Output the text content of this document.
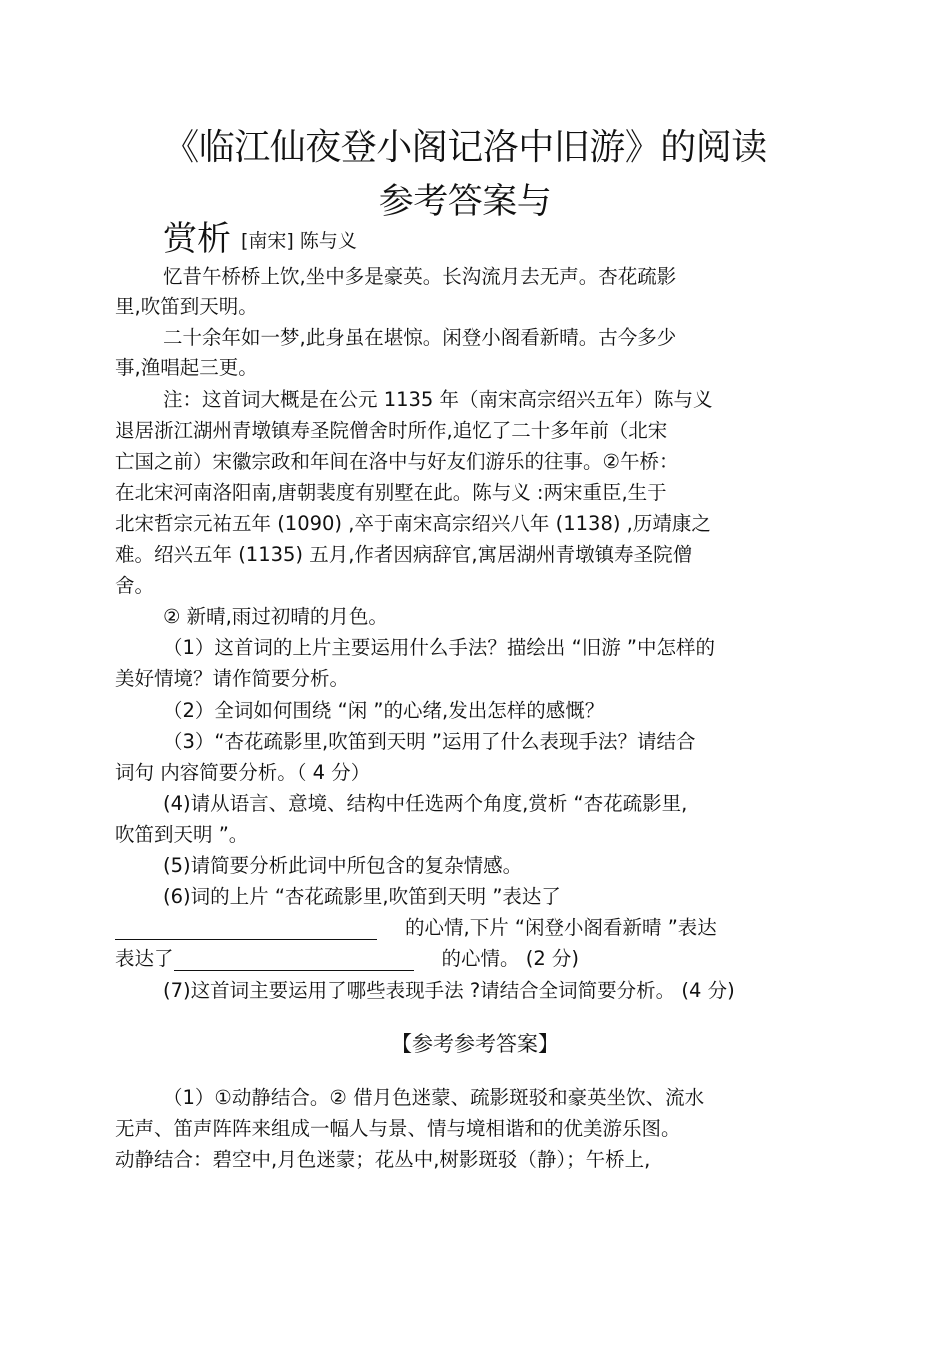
《临江仙夜登小阁记洛中旧游》的阅读
参考答案与
赏析 [南宋] 陈与义
忆昔午桥桥上饮,坐中多是豪英。长沟流月去无声。杏花疏影
里,吹笛到天明。
二十余年如一梦,此身虽在堪惊。闲登小阁看新晴。古今多少
事,渔唱起三更。
注：这首词大概是在公元 1135 年（南宋高宗绍兴五年）陈与义
退居浙江湖州青墩镇寿圣院僧舍时所作,追忆了二十多年前（北宋
亡国之前）宋徽宗政和年间在洛中与好友们游乐的往事。②午桥：
在北宋河南洛阳南,唐朝裴度有别墅在此。陈与义 :两宋重臣,生于
北宋哲宗元祐五年 (1090) ,卒于南宋高宗绍兴八年 (1138) ,历靖康之
难。绍兴五年 (1135) 五月,作者因病辞官,寓居湖州青墩镇寿圣院僧
舍。
② 新晴,雨过初晴的月色。
（1）这首词的上片主要运用什么手法？描绘出 “旧游 ”中怎样的
美好情境？请作简要分析。
（2）全词如何围绕 “闲 ”的心绪,发出怎样的感慨？
（3）“杏花疏影里,吹笛到天明 ”运用了什么表现手法？请结合
词句 内容简要分析。（ 4 分）
(4)请从语言、意境、结构中任选两个角度,赏析 “杏花疏影里,
吹笛到天明 ”。
(5)请简要分析此词中所包含的复杂情感。
(6)词的上片 “杏花疏影里,吹笛到天明 ”表达了
的心情,下片 “闲登小阁看新晴 ”表达
表达了	的心情。 (2 分)
(7)这首词主要运用了哪些表现手法 ?请结合全词简要分析。 (4 分)
【参考参考答案】
（1）①动静结合。② 借月色迷蒙、疏影斑驳和豪英坐饮、流水
无声、笛声阵阵来组成一幅人与景、情与境相谐和的优美游乐图。
动静结合：碧空中,月色迷蒙；花丛中,树影斑驳（静）；午桥上,
